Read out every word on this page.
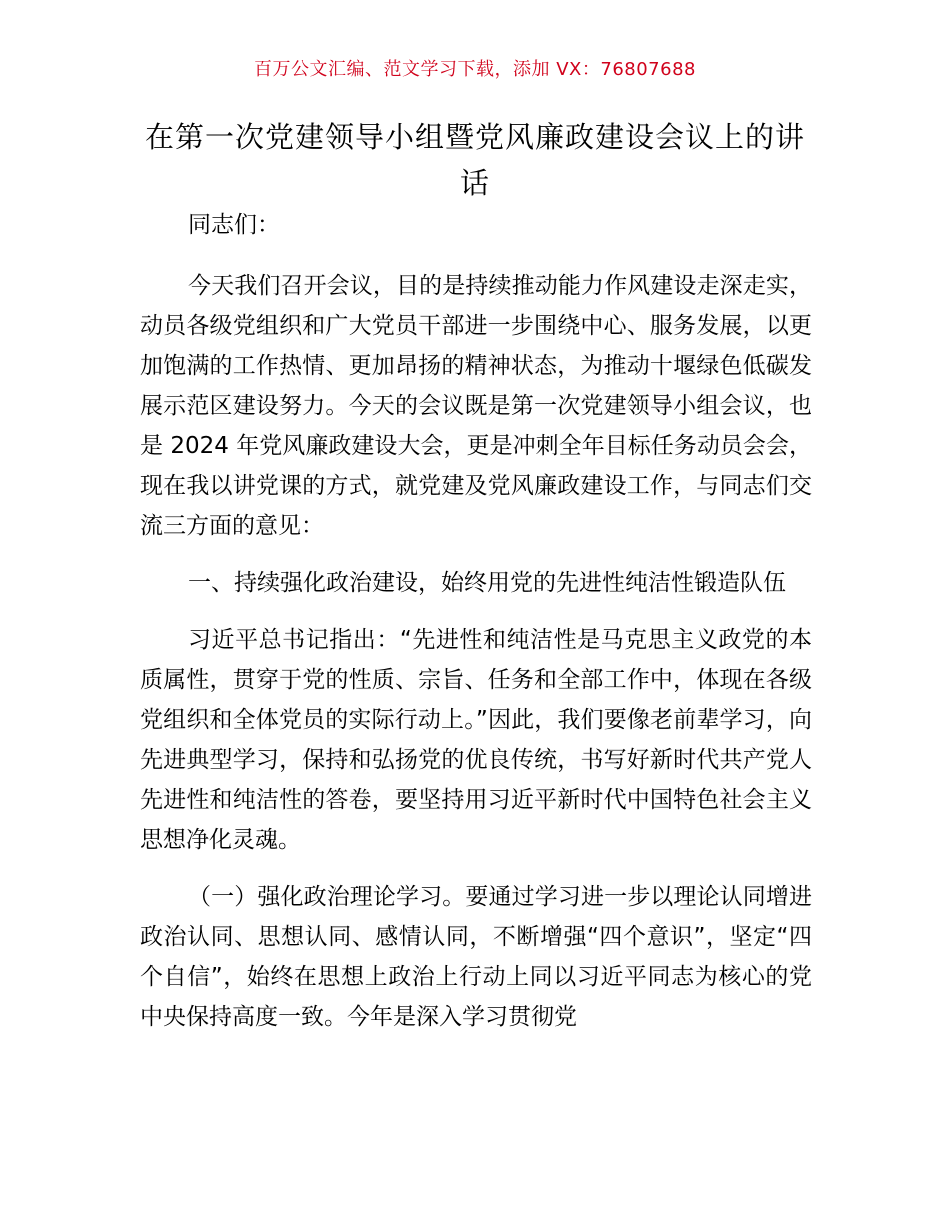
百万公文汇编、范文学习下载，添加 VX：76807688
在第一次党建领导小组暨党风廉政建设会议上的讲话

同志们：

今天我们召开会议，目的是持续推动能力作风建设走深走实，动员各级党组织和广大党员干部进一步围绕中心、服务发展，以更加饱满的工作热情、更加昂扬的精神状态，为推动十堰绿色低碳发展示范区建设努力。今天的会议既是第一次党建领导小组会议，也是 2024 年党风廉政建设大会，更是冲刺全年目标任务动员会会，现在我以讲党课的方式，就党建及党风廉政建设工作，与同志们交流三方面的意见：

一、持续强化政治建设，始终用党的先进性纯洁性锻造队伍

习近平总书记指出：“先进性和纯洁性是马克思主义政党的本质属性，贯穿于党的性质、宗旨、任务和全部工作中，体现在各级党组织和全体党员的实际行动上。”因此，我们要像老前辈学习，向先进典型学习，保持和弘扬党的优良传统，书写好新时代共产党人先进性和纯洁性的答卷，要坚持用习近平新时代中国特色社会主义思想净化灵魂。

（一）强化政治理论学习。要通过学习进一步以理论认同增进政治认同、思想认同、感情认同，不断增强“四个意识”，坚定“四个自信”，始终在思想上政治上行动上同以习近平同志为核心的党中央保持高度一致。今年是深入学习贯彻党
